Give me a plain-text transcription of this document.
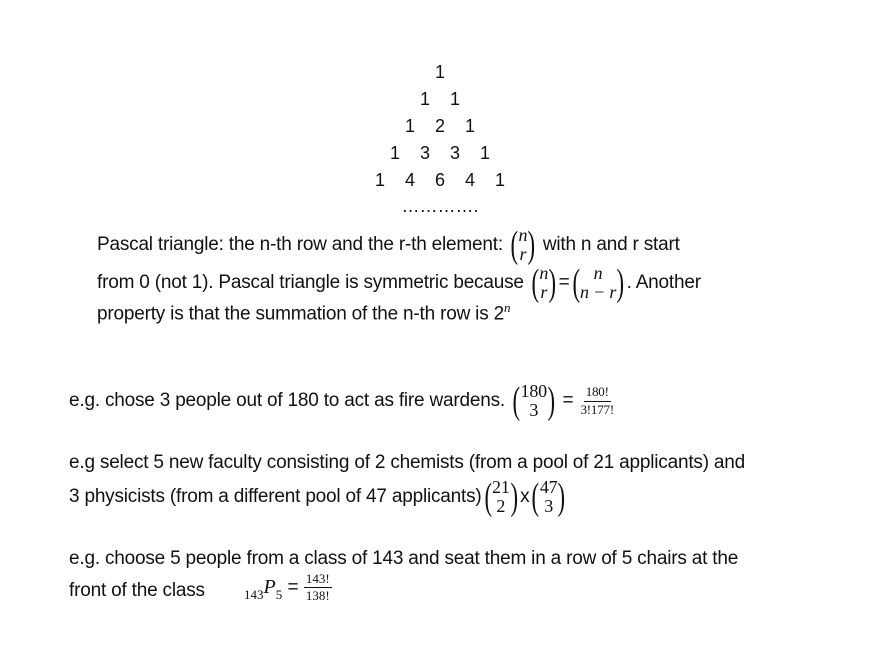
1
1 1
1 2 1
1 3 3 1
1 4 6 4 1
………….
Pascal triangle: the n-th row and the r-th element: ( n
r ) with n and r start
from 0 (not 1). Pascal triangle is symmetric because ( n
r ) = ( n
n − r ) . Another
property is that the summation of the n-th row is 2$^n$
e.g. chose 3 people out of 180 to act as fire wardens. ( 180
3 ) = $\frac{180!}{3!177!}$
e.g select 5 new faculty consisting of 2 chemists (from a pool of 21 applicants) and
3 physicists (from a different pool of 47 applicants) ( 21
2 ) x ( 47
3 )
e.g. choose 5 people from a class of 143 and seat them in a row of 5 chairs at the
front of the class	143 P $5 = \frac{143!}{138!}$
